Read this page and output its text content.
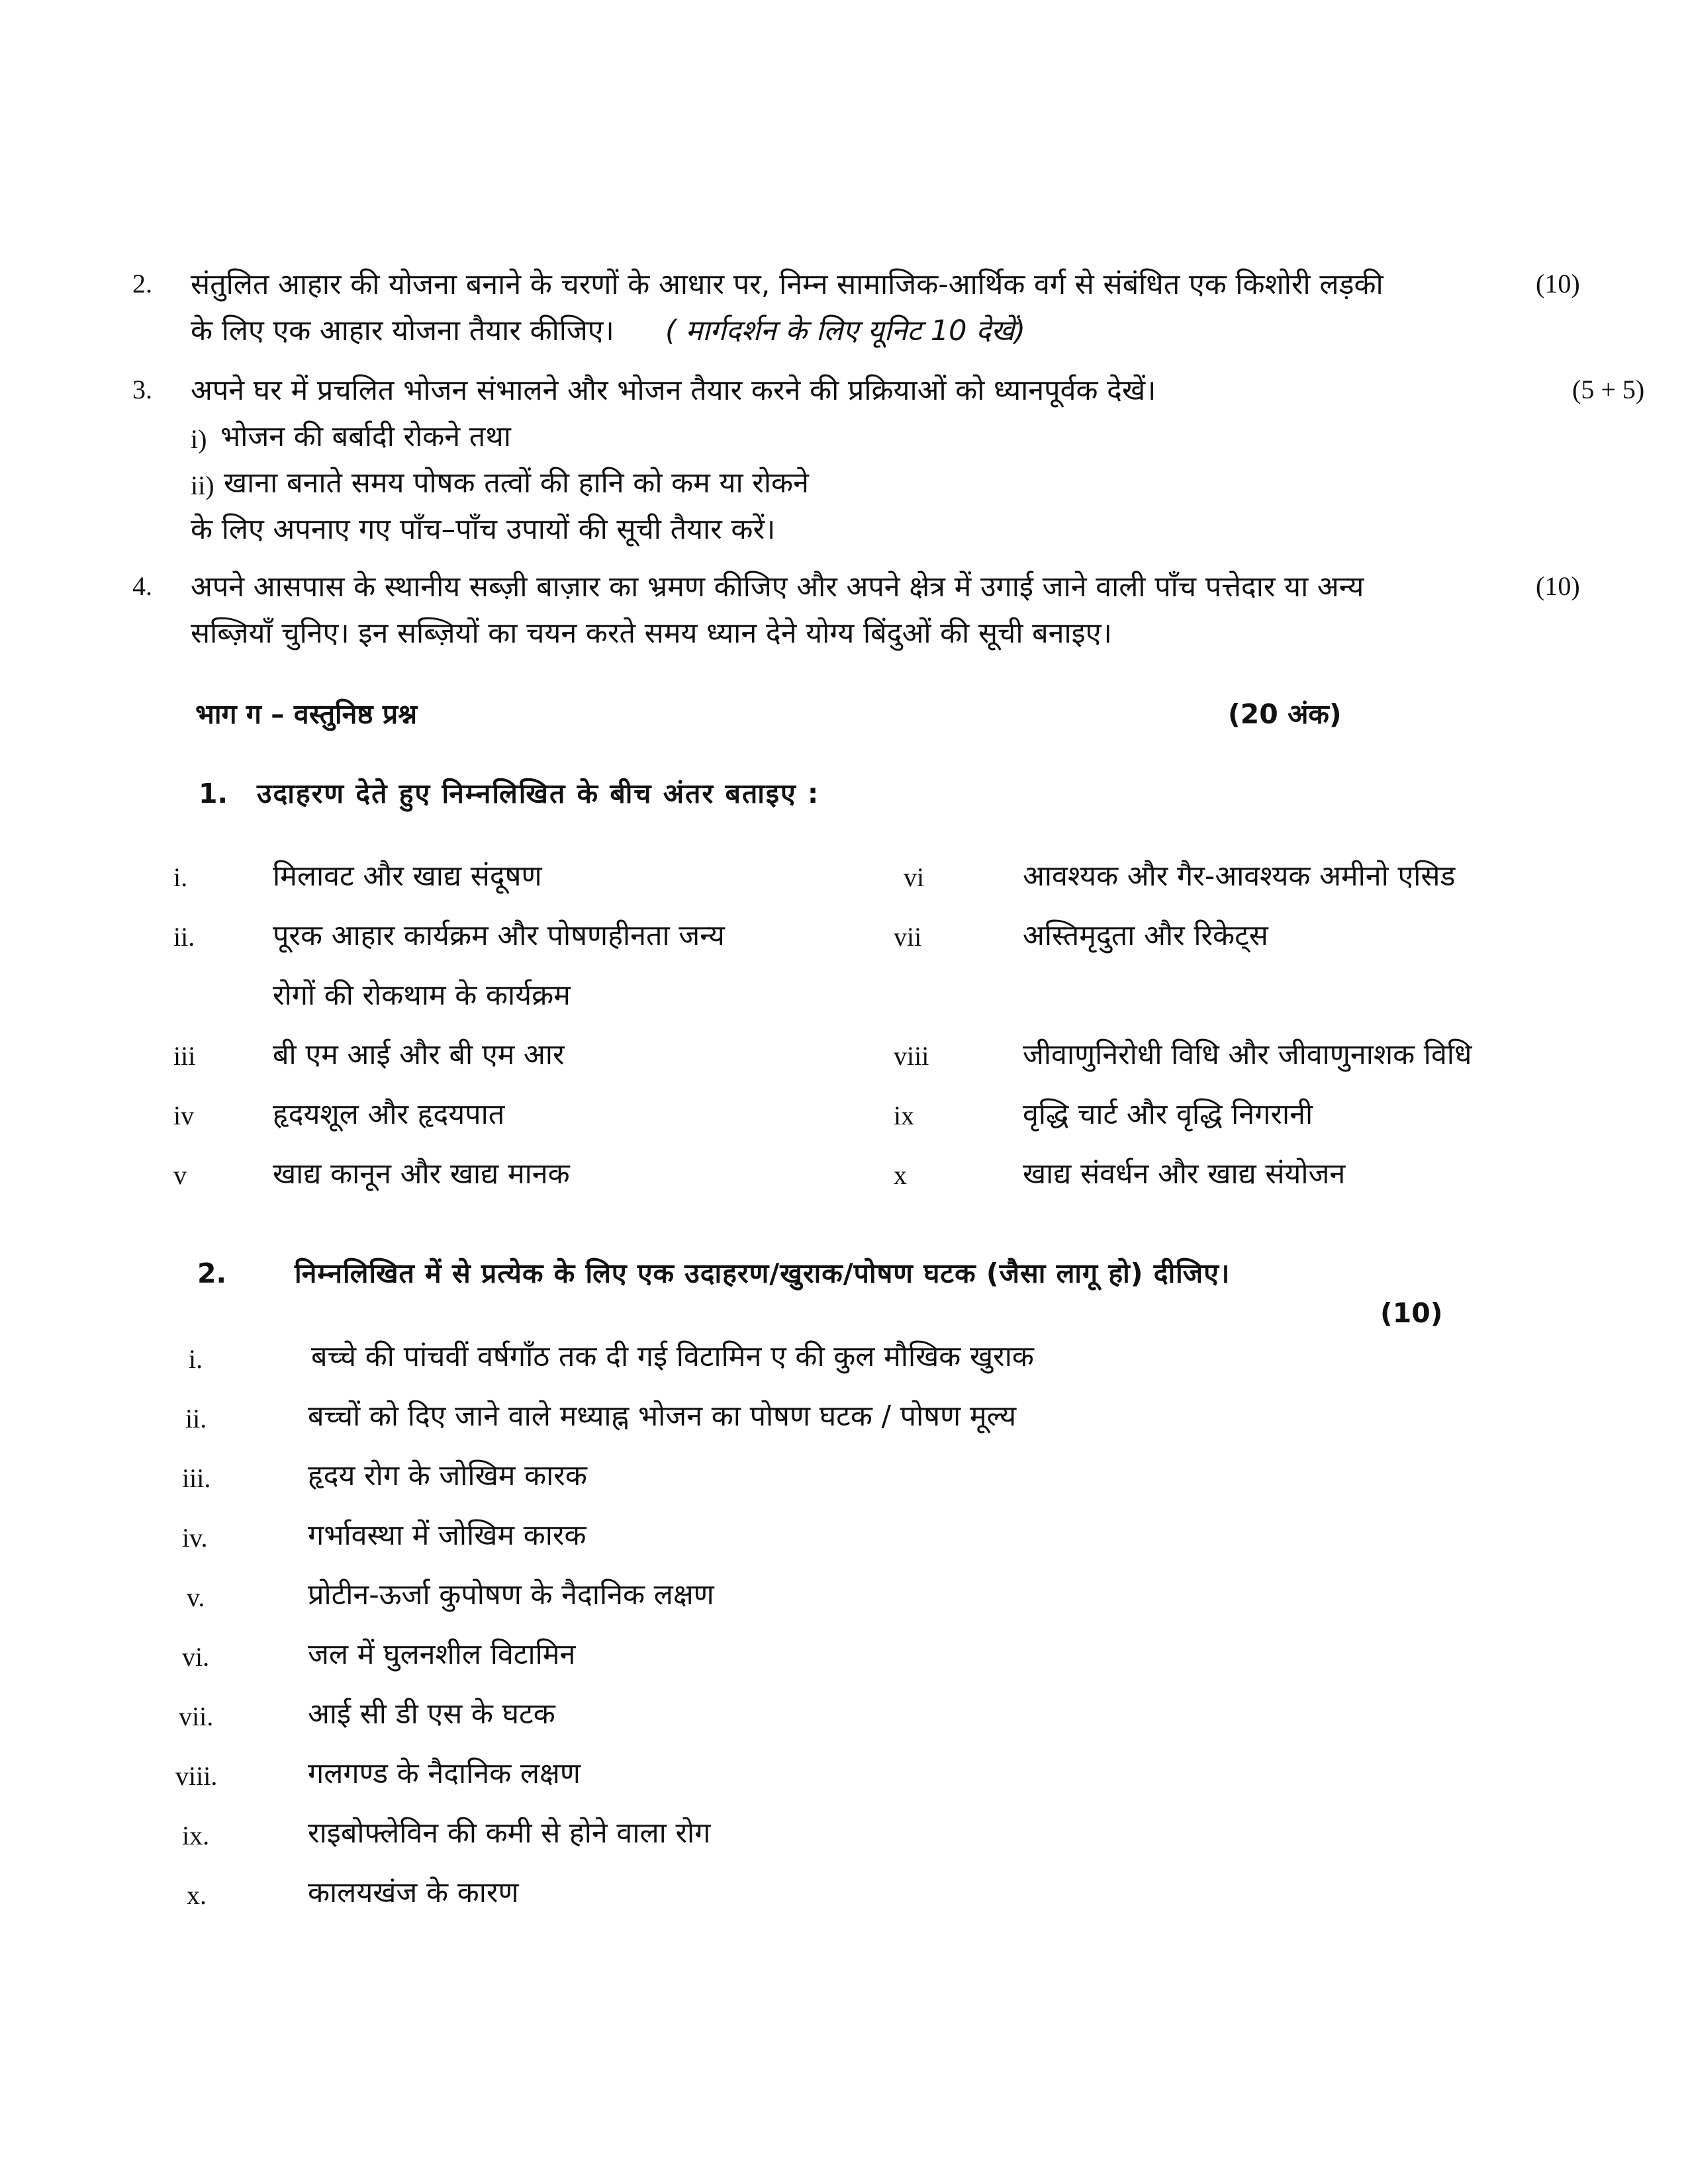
2. संतुलित आहार की योजना बनाने के चरणों के आधार पर, निम्न सामाजिक-आर्थिक वर्ग से संबंधित एक किशोरी लड़की
के लिए एक आहार योजना तैयार कीजिए। ( मार्गदर्शन के लिए यूनिट 10 देखें)
(10)
3. अपने घर में प्रचलित भोजन संभालने और भोजन तैयार करने की प्रक्रियाओं को ध्यानपूर्वक देखें।	(5 + 5)
i) भोजन की बर्बादी रोकने तथा
ii) खाना बनाते समय पोषक तत्वों की हानि को कम या रोकने
के लिए अपनाए गए पाँच–पाँच उपायों की सूची तैयार करें।
4. अपने आसपास के स्थानीय सब्ज़ी बाज़ार का भ्रमण कीजिए और अपने क्षेत्र में उगाई जाने वाली पाँच पत्तेदार या अन्य
सब्ज़ियाँ चुनिए। इन सब्ज़ियों का चयन करते समय ध्यान देने योग्य बिंदुओं की सूची बनाइए।
(10)
भाग ग – वस्तुनिष्ठ प्रश्न	(20 अंक)
1. उदाहरण देते हुए निम्नलिखित के बीच अंतर बताइए :
i.	मिलावट और खाद्य संदूषण
ii.	पूरक आहार कार्यक्रम और पोषणहीनता जन्य
रोगों की रोकथाम के कार्यक्रम
iii	बी एम आई और बी एम आर
iv	हृदयशूल और हृदयपात
v	खाद्य कानून और खाद्य मानक
vi	आवश्यक और गैर-आवश्यक अमीनो एसिड
vii	अस्तिमृदुता और रिकेट्स
viii	जीवाणुनिरोधी विधि और जीवाणुनाशक विधि
ix	वृद्धि चार्ट और वृद्धि निगरानी
x	खाद्य संवर्धन और खाद्य संयोजन
2.	निम्नलिखित में से प्रत्येक के लिए एक उदाहरण/खुराक/पोषण घटक (जैसा लागू हो) दीजिए।
(10)
i.	बच्चे की पांचवीं वर्षगाँठ तक दी गई विटामिन ए की कुल मौखिक खुराक
ii.	बच्चों को दिए जाने वाले मध्याह्न भोजन का पोषण घटक / पोषण मूल्य
iii.	हृदय रोग के जोखिम कारक
iv.	गर्भावस्था में जोखिम कारक
v.	प्रोटीन-ऊर्जा कुपोषण के नैदानिक लक्षण
vi.	जल में घुलनशील विटामिन
vii.	आई सी डी एस के घटक
viii.	गलगण्ड के नैदानिक लक्षण
ix.	राइबोफ्लेविन की कमी से होने वाला रोग
x.	कालयखंज के कारण
